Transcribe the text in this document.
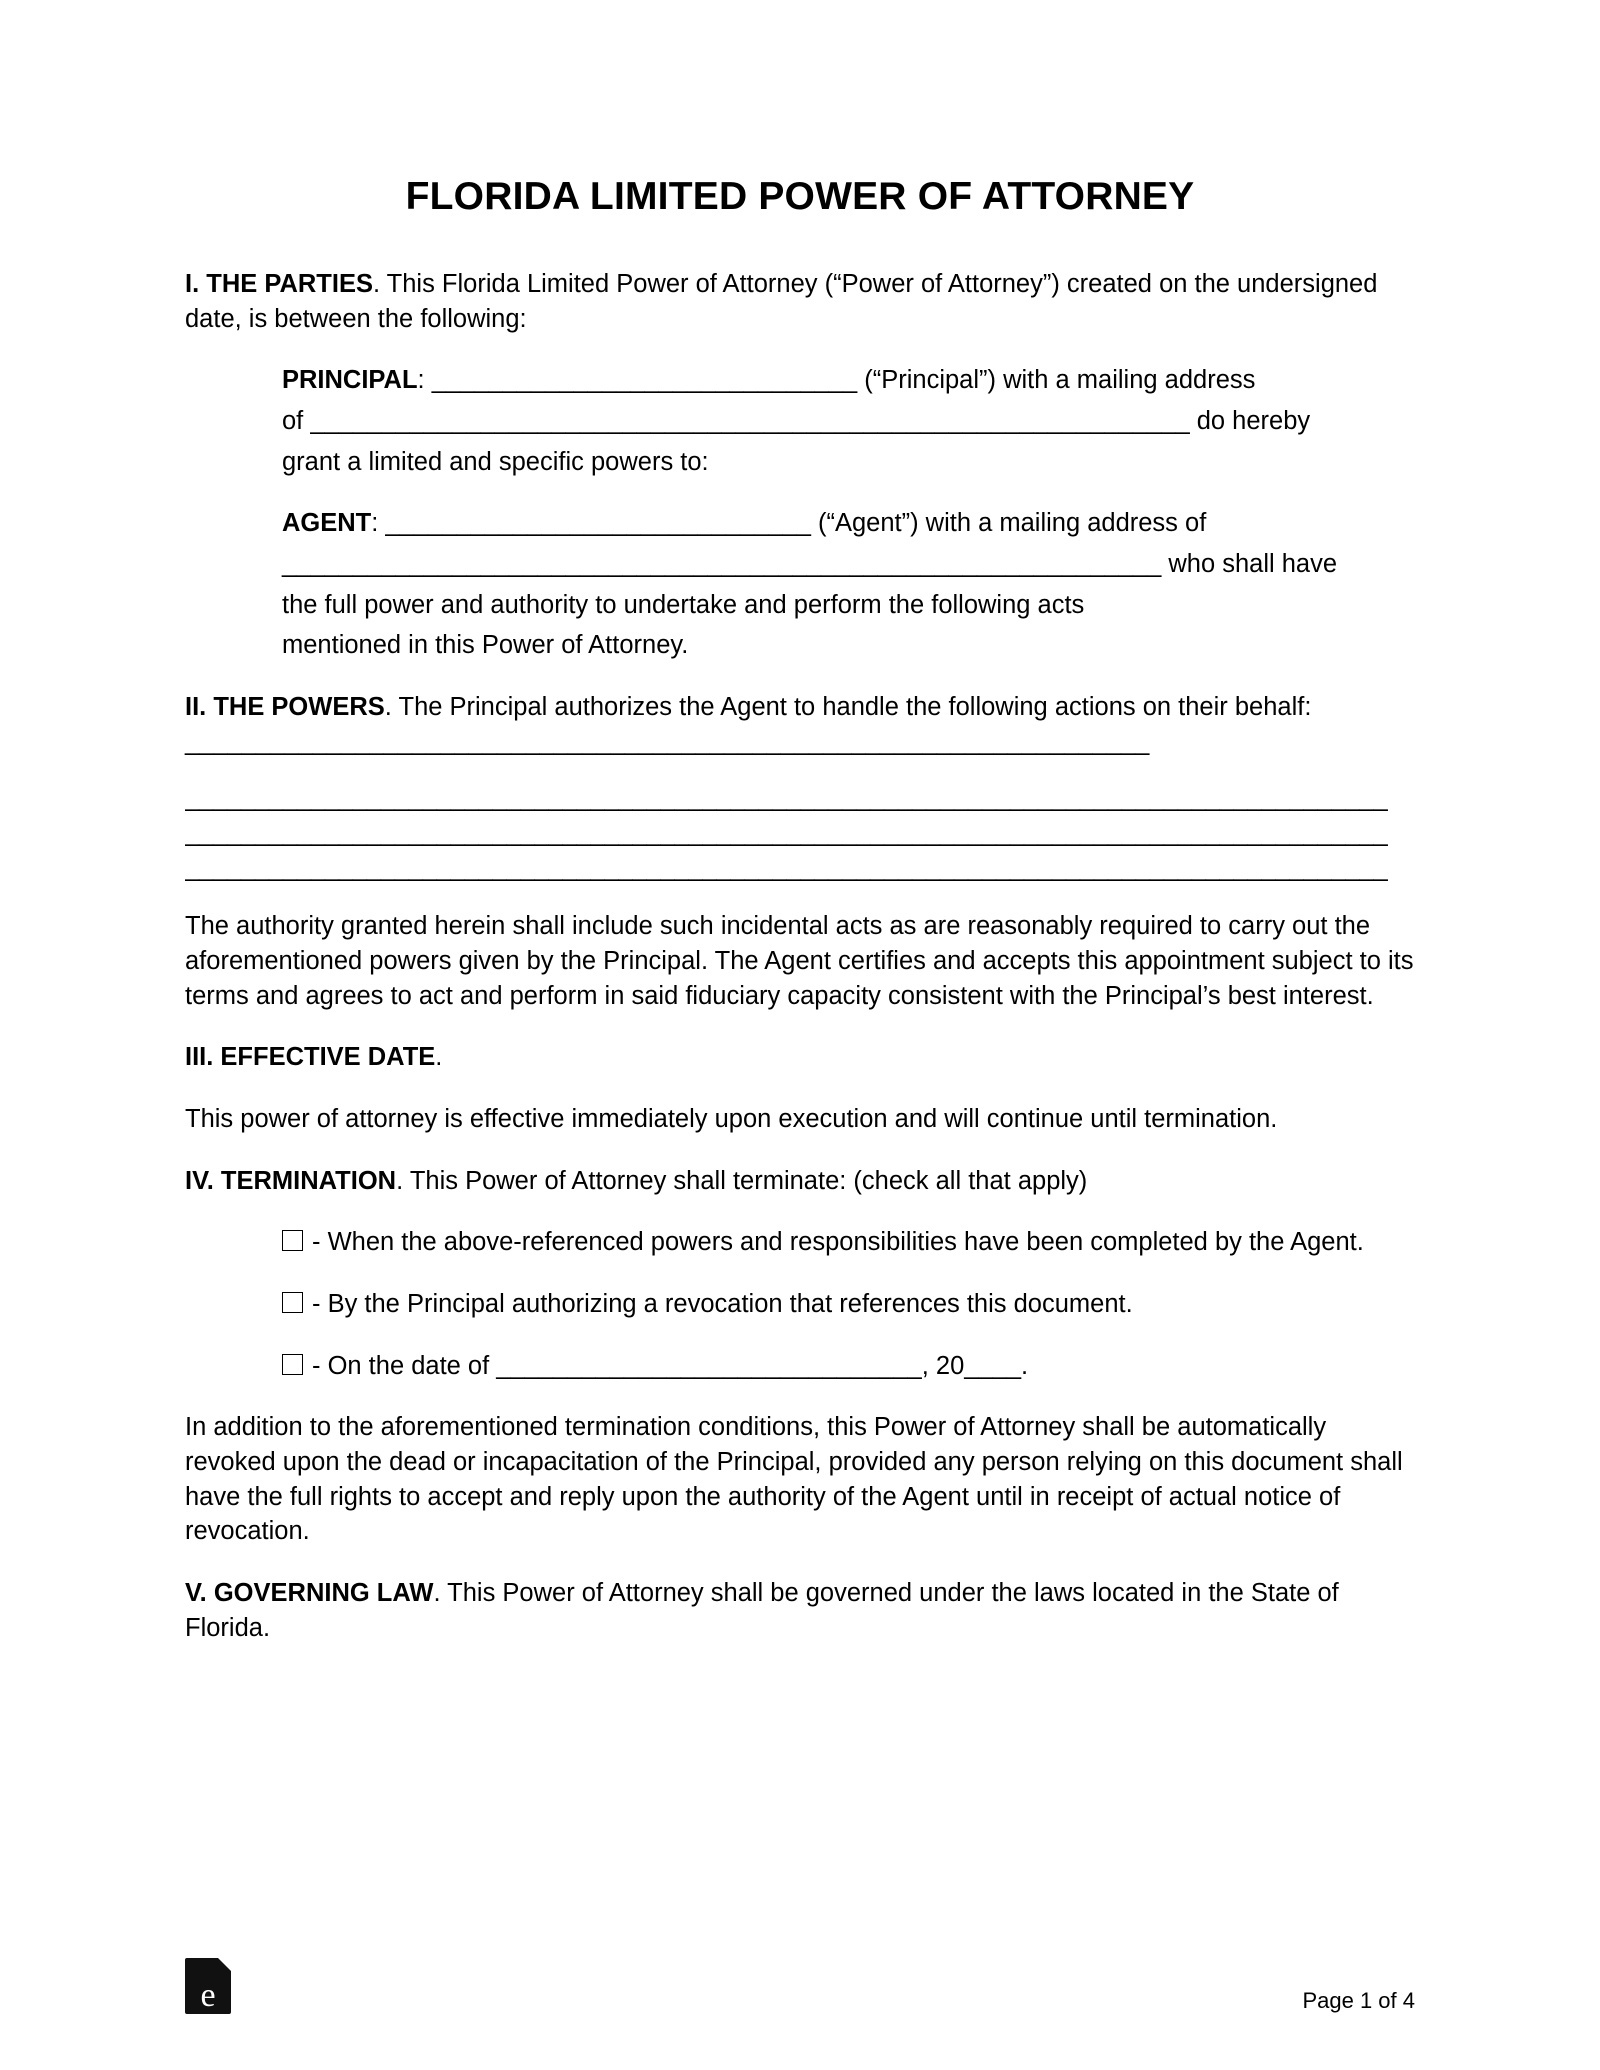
FLORIDA LIMITED POWER OF ATTORNEY

I. THE PARTIES. This Florida Limited Power of Attorney (“Power of Attorney”) created on the undersigned date, is between the following:

PRINCIPAL: ______________________________ (“Principal”) with a mailing address

of ______________________________________________________________ do hereby

grant a limited and specific powers to:

AGENT: ______________________________ (“Agent”) with a mailing address of

______________________________________________________________ who shall have

the full power and authority to undertake and perform the following acts

mentioned in this Power of Attorney.

II. THE POWERS. The Principal authorizes the Agent to handle the following actions on their behalf: ____________________________________________________________________

______________________________________________________________________________________

______________________________________________________________________________________

______________________________________________________________________________________

The authority granted herein shall include such incidental acts as are reasonably required to carry out the aforementioned powers given by the Principal. The Agent certifies and accepts this appointment subject to its terms and agrees to act and perform in said fiduciary capacity consistent with the Principal’s best interest.

III. EFFECTIVE DATE.

This power of attorney is effective immediately upon execution and will continue until termination.

IV. TERMINATION. This Power of Attorney shall terminate: (check all that apply)

- When the above-referenced powers and responsibilities have been completed by the Agent.
- By the Principal authorizing a revocation that references this document.
- On the date of ______________________________, 20____.

In addition to the aforementioned termination conditions, this Power of Attorney shall be automatically revoked upon the dead or incapacitation of the Principal, provided any person relying on this document shall have the full rights to accept and reply upon the authority of the Agent until in receipt of actual notice of revocation.

V. GOVERNING LAW. This Power of Attorney shall be governed under the laws located in the State of Florida.

e	Page 1 of 4
